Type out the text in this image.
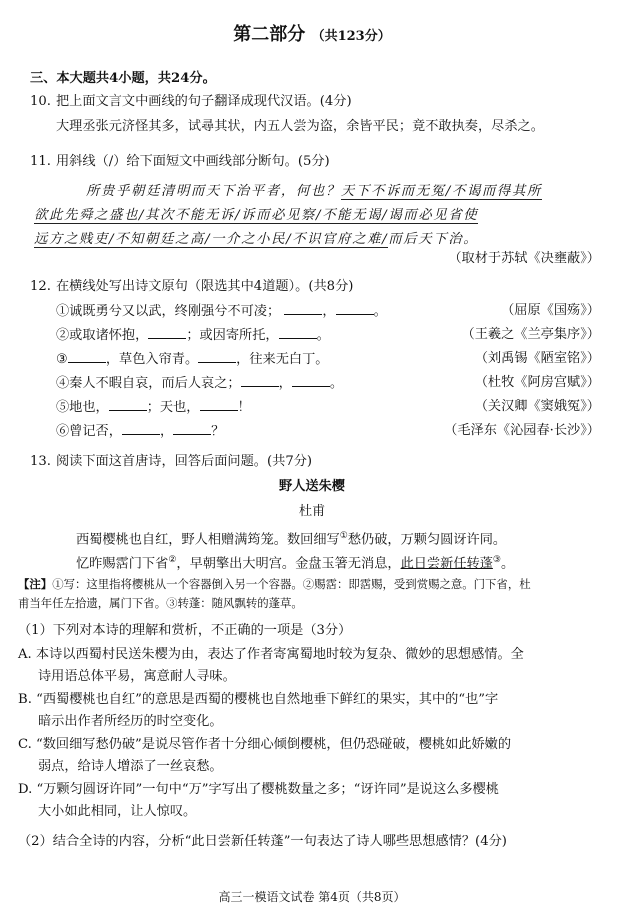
第二部分 （共123分）
三、本大题共4小题，共24分。
10. 把上面文言文中画线的句子翻译成现代汉语。(4分)
大理丞张元济怪其多，试尋其状，内五人尝为盗，余皆平民；竟不敢执奏，尽杀之。
11. 用斜线（/）给下面短文中画线部分断句。(5分)
所贵乎朝廷清明而天下治平者，何也？天下不诉而无冤/不谒而得其所
欲此先舜之盛也/其次不能无诉/诉而必见察/不能无谒/谒而必见省使
远方之贱吏/不知朝廷之高/一介之小民/不识官府之难/而后天下治。
（取材于苏轼《决壅蔽》）
12. 在横线处写出诗文原句（限选其中4道题）。(共8分)
①诚既勇兮又以武，终刚强兮不可凌；	，	。	（屈原《国殇》）
②或取诸怀抱，	；或因寄所托，	。	（王羲之《兰亭集序》）
③	，草色入帘青。	，往来无白丁。	（刘禹锡《陋室铭》）
④秦人不暇自哀，而后人哀之；	，	。	（杜牧《阿房宫赋》）
⑤地也，	；天也，	！	（关汉卿《窦娥冤》）
⑥曾记否，	，	？	（毛泽东《沁园春·长沙》）
13. 阅读下面这首唐诗，回答后面问题。(共7分)
野人送朱樱
杜甫
西蜀樱桃也自红，野人相赠满筠笼。数回细写①愁仍破，万颗匀圆讶许同。
忆昨赐霑门下省②，早朝擎出大明宫。金盘玉箸无消息，此日尝新任转蓬③。
【注】①写：这里指将樱桃从一个容器倒入另一个容器。②赐霑：即霑赐，受到赏赐之意。门下省，杜
甫当年任左拾遗，属门下省。③转蓬：随风飘转的蓬草。
（1）下列对本诗的理解和赏析，不正确的一项是（3分）
A. 本诗以西蜀村民送朱樱为由，表达了作者寄寓蜀地时较为复杂、微妙的思想感情。全
诗用语总体平易，寓意耐人寻味。
B. “西蜀樱桃也自红”的意思是西蜀的樱桃也自然地垂下鲜红的果实，其中的“也”字
暗示出作者所经历的时空变化。
C. “数回细写愁仍破”是说尽管作者十分细心倾倒樱桃，但仍恐碰破，樱桃如此娇嫩的
弱点，给诗人增添了一丝哀愁。
D. “万颗匀圆讶许同”一句中“万”字写出了樱桃数量之多；“讶许同”是说这么多樱桃
大小如此相同，让人惊叹。
（2）结合全诗的内容，分析“此日尝新任转蓬”一句表达了诗人哪些思想感情？(4分)
高三一模语文试卷 第4页（共8页）
